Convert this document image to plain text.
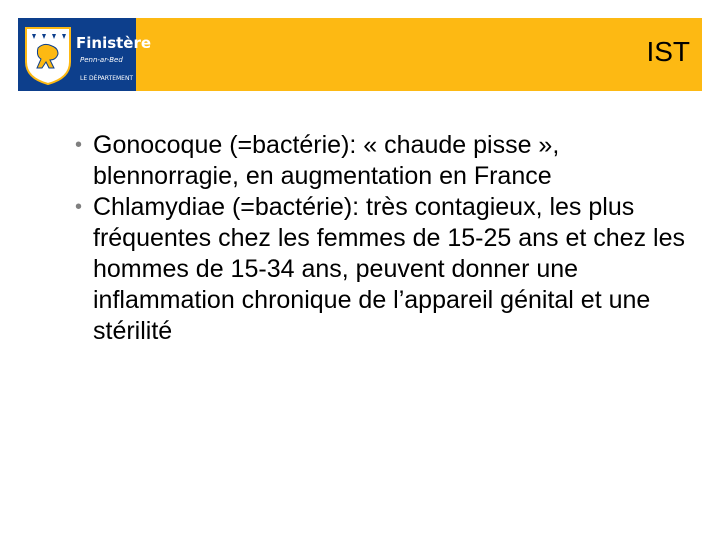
Finistère
Penn-ar-Bed
LE DÉPARTEMENT
IST
• Gonocoque (=bactérie): « chaude pisse », blennorragie, en augmentation en France
• Chlamydiae (=bactérie): très contagieux, les plus fréquentes chez les femmes de 15-25 ans et chez les hommes de 15-34 ans, peuvent donner une inflammation chronique de l’appareil génital et une stérilité
